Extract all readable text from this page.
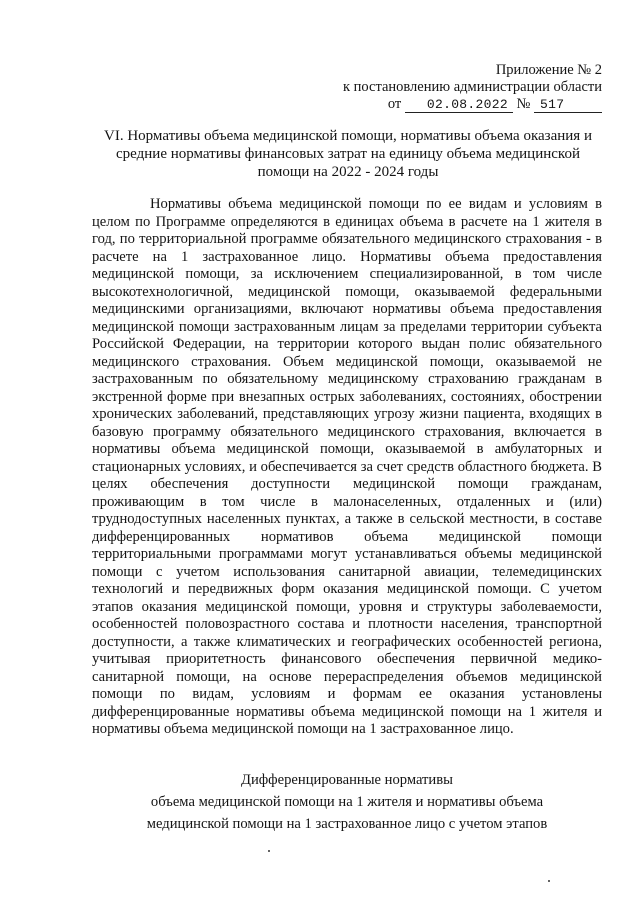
Приложение № 2
к постановлению администрации области
от 02.08.2022 № 517
VI. Нормативы объема медицинской помощи, нормативы объема оказания и средние нормативы финансовых затрат на единицу объема медицинской помощи на 2022 - 2024 годы

Нормативы объема медицинской помощи по ее видам и условиям в целом по Программе определяются в единицах объема в расчете на 1 жителя в год, по территориальной программе обязательного медицинского страхования - в расчете на 1 застрахованное лицо. Нормативы объема предоставления медицинской помощи, за исключением специализированной, в том числе высокотехнологичной, медицинской помощи, оказываемой федеральными медицинскими организациями, включают нормативы объема предоставления медицинской помощи застрахованным лицам за пределами территории субъекта Российской Федерации, на территории которого выдан полис обязательного медицинского страхования. Объем медицинской помощи, оказываемой не застрахованным по обязательному медицинскому страхованию гражданам в экстренной форме при внезапных острых заболеваниях, состояниях, обострении хронических заболеваний, представляющих угрозу жизни пациента, входящих в базовую программу обязательного медицинского страхования, включается в нормативы объема медицинской помощи, оказываемой в амбулаторных и стационарных условиях, и обеспечивается за счет средств областного бюджета. В целях обеспечения доступности медицинской помощи гражданам, проживающим в том числе в малонаселенных, отдаленных и (или) труднодоступных населенных пунктах, а также в сельской местности, в составе дифференцированных нормативов объема медицинской помощи территориальными программами могут устанавливаться объемы медицинской помощи с учетом использования санитарной авиации, телемедицинских технологий и передвижных форм оказания медицинской помощи. С учетом этапов оказания медицинской помощи, уровня и структуры заболеваемости, особенностей половозрастного состава и плотности населения, транспортной доступности, а также климатических и географических особенностей региона, учитывая приоритетность финансового обеспечения первичной медико-санитарной помощи, на основе перераспределения объемов медицинской помощи по видам, условиям и формам ее оказания установлены дифференцированные нормативы объема медицинской помощи на 1 жителя и нормативы объема медицинской помощи на 1 застрахованное лицо.

Дифференцированные нормативы
объема медицинской помощи на 1 жителя и нормативы объема
медицинской помощи на 1 застрахованное лицо с учетом этапов
